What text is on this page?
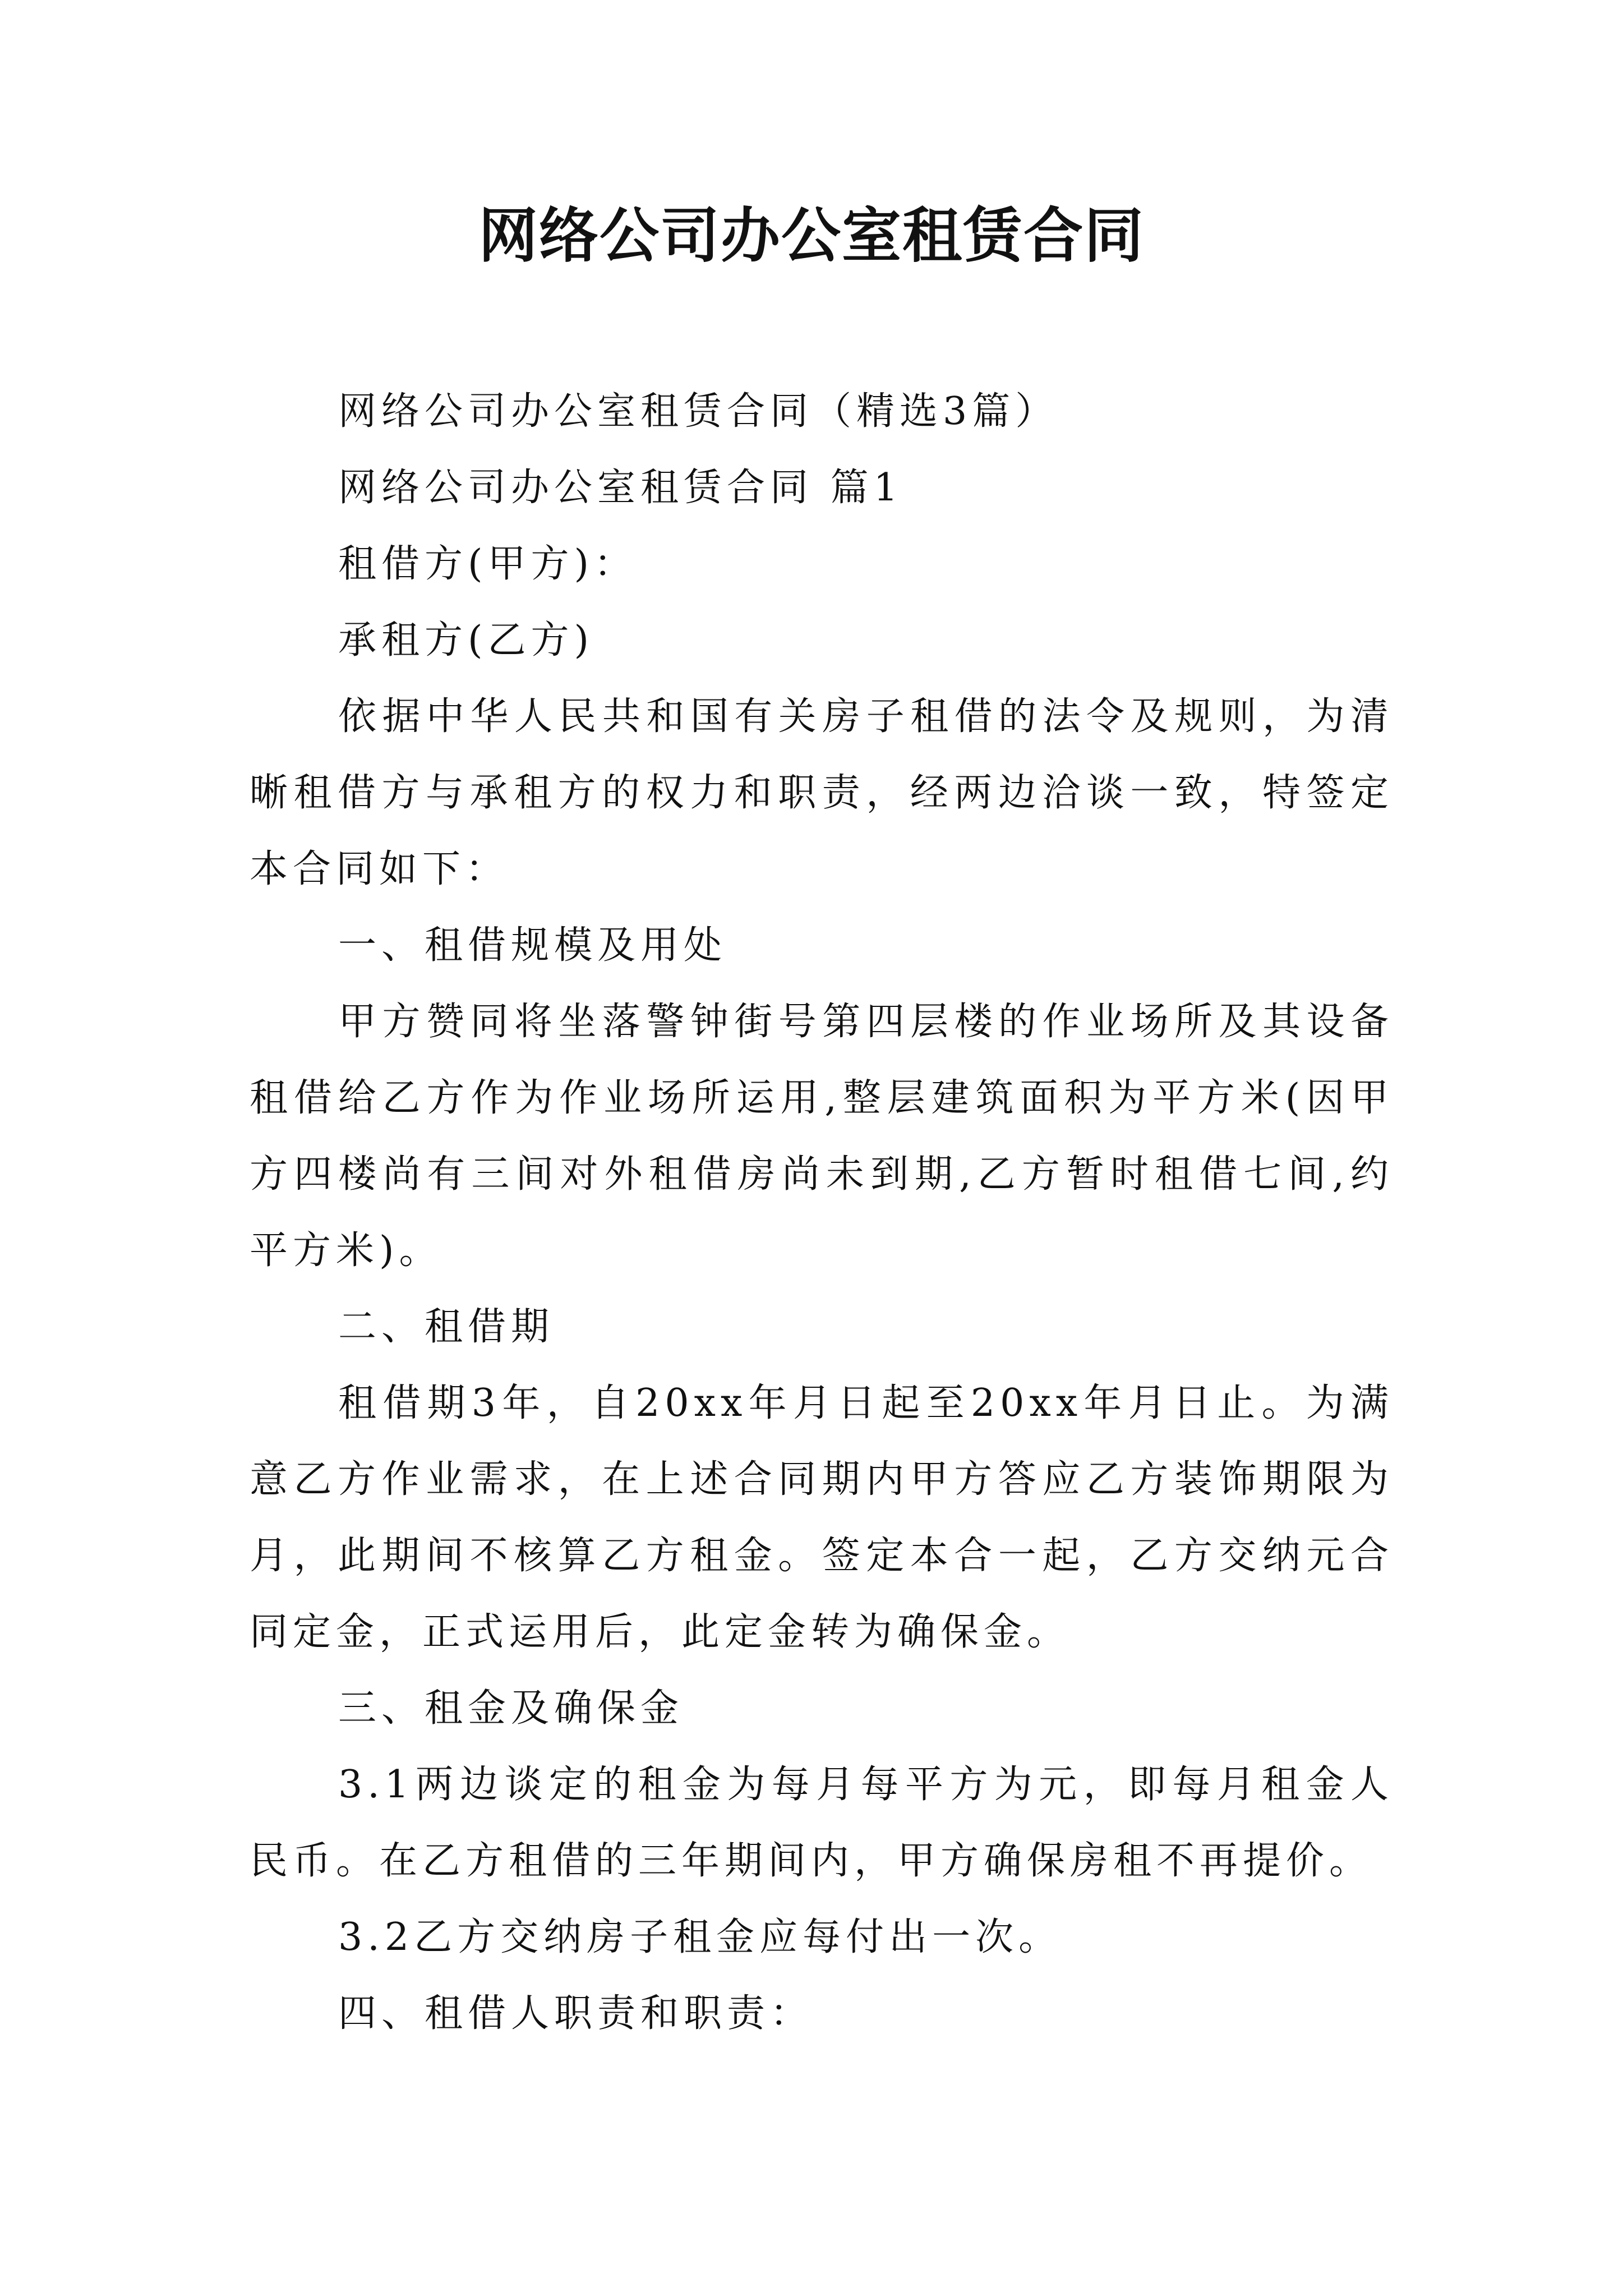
网络公司办公室租赁合同

网络公司办公室租赁合同（精选3篇）

网络公司办公室租赁合同 篇1

租借方(甲方)：

承租方(乙方)

依据中华人民共和国有关房子租借的法令及规则，为清晰租借方与承租方的权力和职责，经两边洽谈一致，特签定本合同如下：

一、租借规模及用处

甲方赞同将坐落警钟街号第四层楼的作业场所及其设备租借给乙方作为作业场所运用,整层建筑面积为平方米(因甲方四楼尚有三间对外租借房尚未到期,乙方暂时租借七间,约平方米)。

二、租借期

租借期3年，自20xx年月日起至20xx年月日止。为满意乙方作业需求，在上述合同期内甲方答应乙方装饰期限为月，此期间不核算乙方租金。签定本合一起，乙方交纳元合同定金，正式运用后，此定金转为确保金。

三、租金及确保金

3.1两边谈定的租金为每月每平方为元，即每月租金人民币。在乙方租借的三年期间内，甲方确保房租不再提价。

3.2乙方交纳房子租金应每付出一次。

四、租借人职责和职责：
